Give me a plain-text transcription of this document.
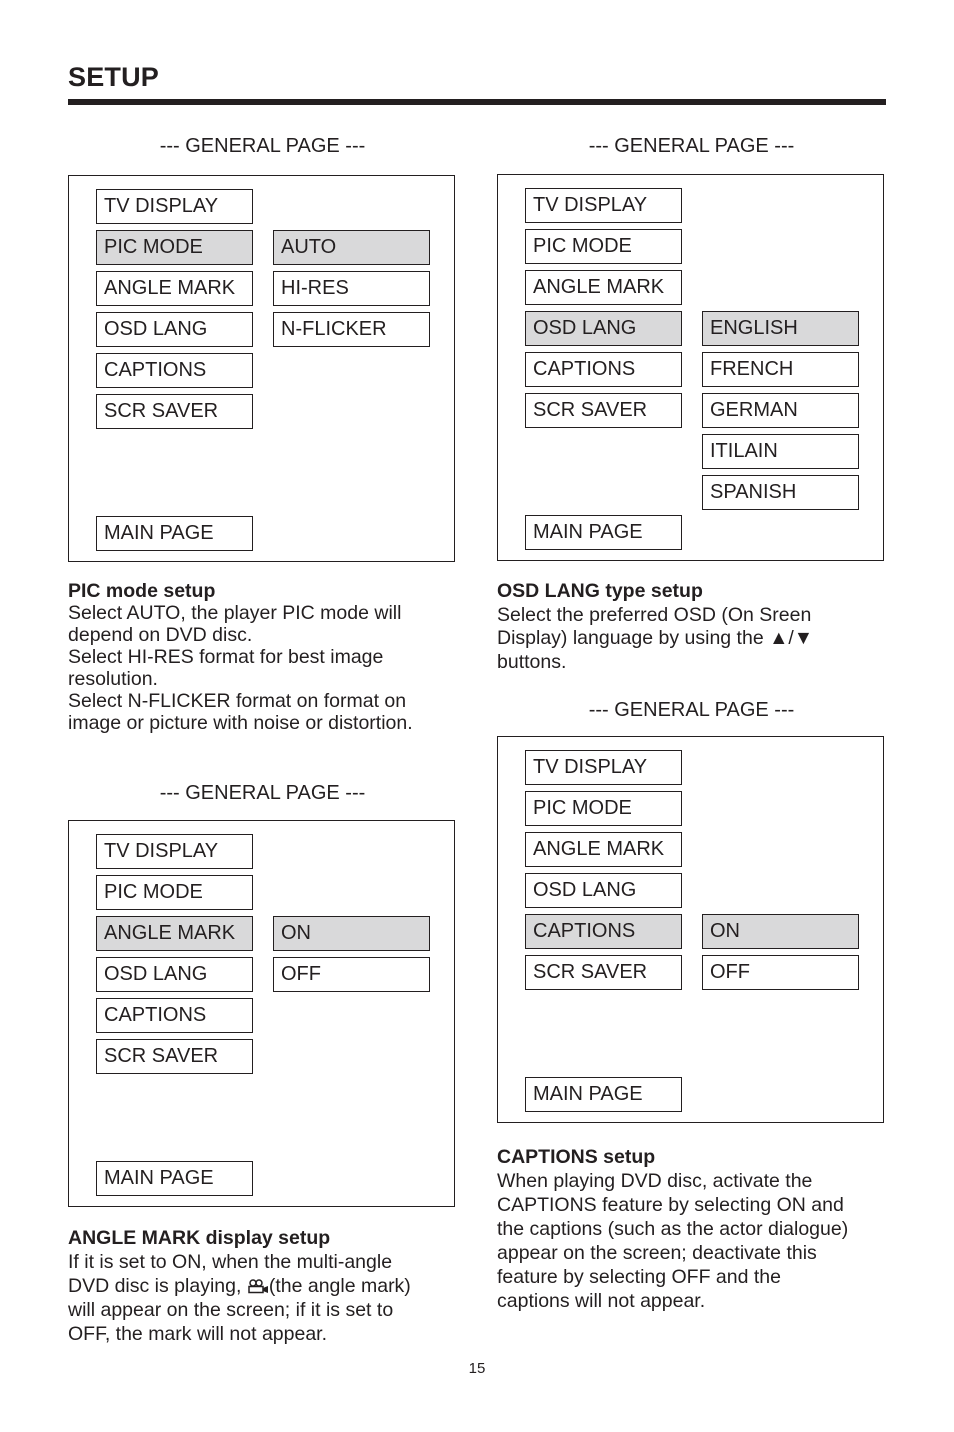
SETUP
--- GENERAL PAGE ---
TV DISPLAY
PIC MODE
ANGLE MARK
OSD LANG
CAPTIONS
SCR SAVER
MAIN PAGE
AUTO
HI-RES
N-FLICKER
PIC mode setup
Select AUTO, the player PIC mode will
depend on DVD disc.
Select HI-RES format for best image
resolution.
Select N-FLICKER format on format on
image or picture with noise or distortion.
--- GENERAL PAGE ---
TV DISPLAY
PIC MODE
ANGLE MARK
OSD LANG
CAPTIONS
SCR SAVER
MAIN PAGE
ENGLISH
FRENCH
GERMAN
ITILAIN
SPANISH
OSD LANG type setup
Select the preferred OSD (On Sreen
Display) language by using the ▲/▼
buttons.
--- GENERAL PAGE ---
TV DISPLAY
PIC MODE
ANGLE MARK
OSD LANG
CAPTIONS
SCR SAVER
MAIN PAGE
ON
OFF
ANGLE MARK display setup
If it is set to ON, when the multi-angle
DVD disc is playing, (the angle mark)
will appear on the screen; if it is set to
OFF, the mark will not appear.
--- GENERAL PAGE ---
TV DISPLAY
PIC MODE
ANGLE MARK
OSD LANG
CAPTIONS
SCR SAVER
MAIN PAGE
ON
OFF
CAPTIONS setup
When playing DVD disc, activate the
CAPTIONS feature by selecting ON and
the captions (such as the actor dialogue)
appear on the screen; deactivate this
feature by selecting OFF and the
captions will not appear.
15
